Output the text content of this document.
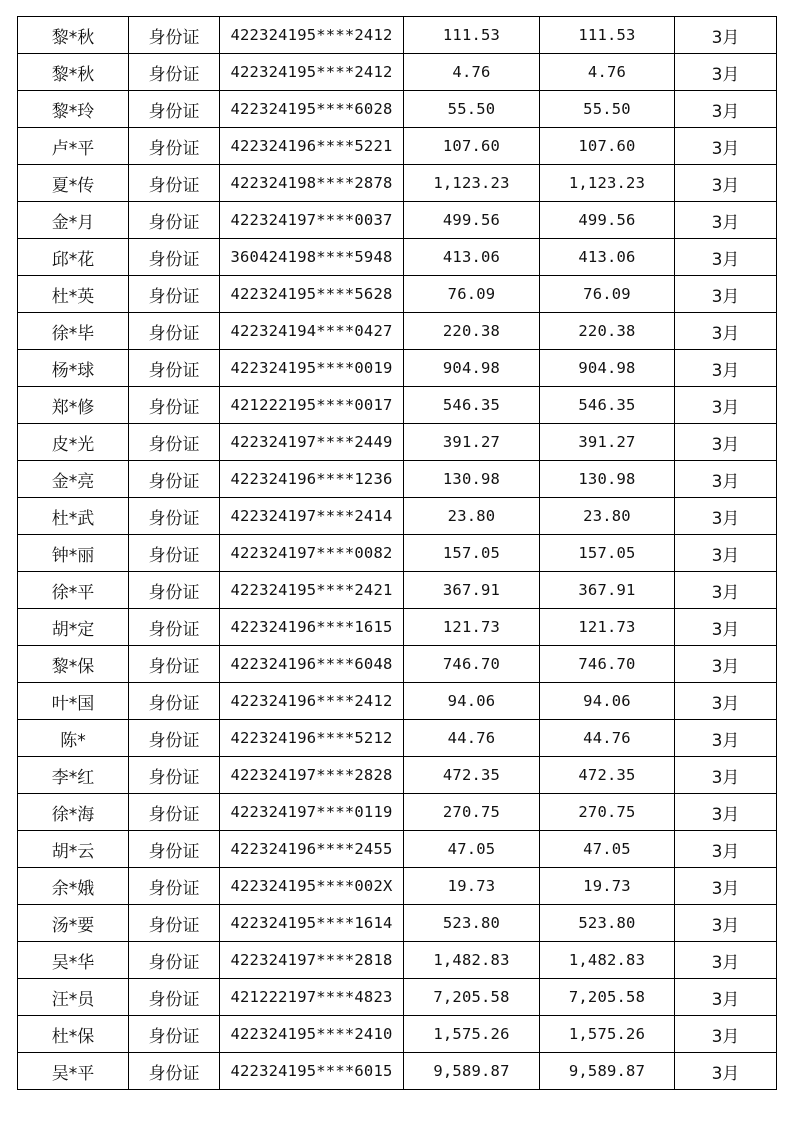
黎*秋	身份证	422324195****2412	111.53	111.53	3月
黎*秋	身份证	422324195****2412	4.76	4.76	3月
黎*玲	身份证	422324195****6028	55.50	55.50	3月
卢*平	身份证	422324196****5221	107.60	107.60	3月
夏*传	身份证	422324198****2878	1,123.23	1,123.23	3月
金*月	身份证	422324197****0037	499.56	499.56	3月
邱*花	身份证	360424198****5948	413.06	413.06	3月
杜*英	身份证	422324195****5628	76.09	76.09	3月
徐*毕	身份证	422324194****0427	220.38	220.38	3月
杨*球	身份证	422324195****0019	904.98	904.98	3月
郑*修	身份证	421222195****0017	546.35	546.35	3月
皮*光	身份证	422324197****2449	391.27	391.27	3月
金*亮	身份证	422324196****1236	130.98	130.98	3月
杜*武	身份证	422324197****2414	23.80	23.80	3月
钟*丽	身份证	422324197****0082	157.05	157.05	3月
徐*平	身份证	422324195****2421	367.91	367.91	3月
胡*定	身份证	422324196****1615	121.73	121.73	3月
黎*保	身份证	422324196****6048	746.70	746.70	3月
叶*国	身份证	422324196****2412	94.06	94.06	3月
陈*	身份证	422324196****5212	44.76	44.76	3月
李*红	身份证	422324197****2828	472.35	472.35	3月
徐*海	身份证	422324197****0119	270.75	270.75	3月
胡*云	身份证	422324196****2455	47.05	47.05	3月
余*娥	身份证	422324195****002X	19.73	19.73	3月
汤*要	身份证	422324195****1614	523.80	523.80	3月
吴*华	身份证	422324197****2818	1,482.83	1,482.83	3月
汪*员	身份证	421222197****4823	7,205.58	7,205.58	3月
杜*保	身份证	422324195****2410	1,575.26	1,575.26	3月
吴*平	身份证	422324195****6015	9,589.87	9,589.87	3月
